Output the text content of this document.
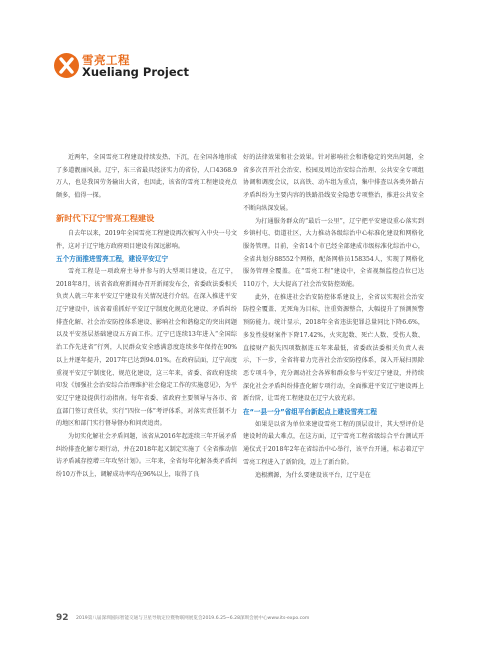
雪亮工程
Xueliang Project

近两年，全国雪亮工程建设持续发热、下沉，在全国各地形成了多道靓丽风景。辽宁，东三省最具经济实力的省份，人口4368.9万人，也是我国劳务输出大省，也因此，该省的雪亮工程建设亮点颇多，值得一探。

新时代下辽宁雪亮工程建设

自去年以来，2019年全国雪亮工程建设再次被写入中央一号文件，这对于辽宁地方政府项目建设有深远影响。

五个方面推进雪亮工程，建设平安辽宁

雪亮工程是一项政府主导并参与的大型项目建设，在辽宁，2018年8月，该省省政府新闻办召开新闻发布会，省委政法委相关负责人就三年来平安辽宁建设有关情况进行介绍。在深入推进平安辽宁建设中，该省着重抓好平安辽宁制度化规范化建设、矛盾纠纷排查化解、社会治安防控体系建设、影响社会和谐稳定的突出问题以及平安基层基础建设五方面工作。辽宁已连续13年进入“全国综治工作先进省”行列，人民群众安全感满意度连续多年保持在90%以上并逐年提升，2017年已达到94.01%。在政府层面，辽宁高度重视平安辽宁制度化、规范化建设，这三年来，省委、省政府连续印发《加强社会治安综合治理维护社会稳定工作的实施意见》，为平安辽宁建设提供行动指南。每年省委、省政府主要领导与各市、省直部门签订责任状，实行“四位一体”考评体系，对落实责任制不力的地区和部门实行督导督办和问责追责。

为切实化解社会矛盾问题，该省从2016年起连续三年开展矛盾纠纷排查化解专项行动，并在2018年起又制定实施了《全省推动信访矛盾减存控增三年攻坚计划》。三年来，全省每年化解各类矛盾纠纷10万件以上，调解成功率均在96%以上，取得了良

好的法律效果和社会效果。针对影响社会和谐稳定的突出问题，全省多次召开社会治安、校园及周边治安综合治理、公共安全专项组协调和调度会议，以高铁、动车组为重点，集中排查以各类外路占矛盾纠纷为主要内容的铁路沿线安全隐患专项整治，推进公共安全不断向纵深发展。

为打通服务群众的“最后一公里”，辽宁把平安建设重心落实到乡镇村屯、街道社区，大力推动各级综治中心标准化建设和网格化服务管理。目前，全省14个市已经全部建成市级标准化综治中心，全省共划分88552个网格，配备网格员158354人，实现了网格化服务管理全覆盖。在“雪亮工程”建设中，全省视频监控点位已达110万个，大大提高了社会治安防控效能。

此外，在推进社会治安防控体系建设上，全省以实现社会治安防控全覆盖、无死角为目标，注重资源整合，大幅提升了预测预警预防能力。统计显示，2018年全省违法犯罪总量同比下降6.6%，多发性侵财案件下降17.42%，火灾起数、死亡人数、受伤人数、直接财产损失四项数据连五年来最低，省委政法委相关负责人表示，下一步，全省将着力完善社会治安防控体系，深入开展扫黑除恶专项斗争，充分调动社会各界和群众参与平安辽宁建设，并持续深化社会矛盾纠纷排查化解专项行动，全面推进平安辽宁建设再上新台阶，让雪亮工程建设在辽宁大放光彩。

在“一县一分”省组平台新起点上建设雪亮工程

如果是以省为单位来建设雪亮工程的顶层设计，其大型评价是建设时的最大难点，在这方面，辽宁雪亮工程省级综合平台测试开通仪式于2018年2年在省综治中心举行，该平台开通，标志着辽宁雪亮工程进入了新阶段，迈上了新台阶。

追根溯源，为什么要建设该平台，辽宁是在

92 2019第八届深圳国际智能交通与卫星导航定位暨物联网展览会2019.6.25~6.28深圳会展中心www.its-expo.com
